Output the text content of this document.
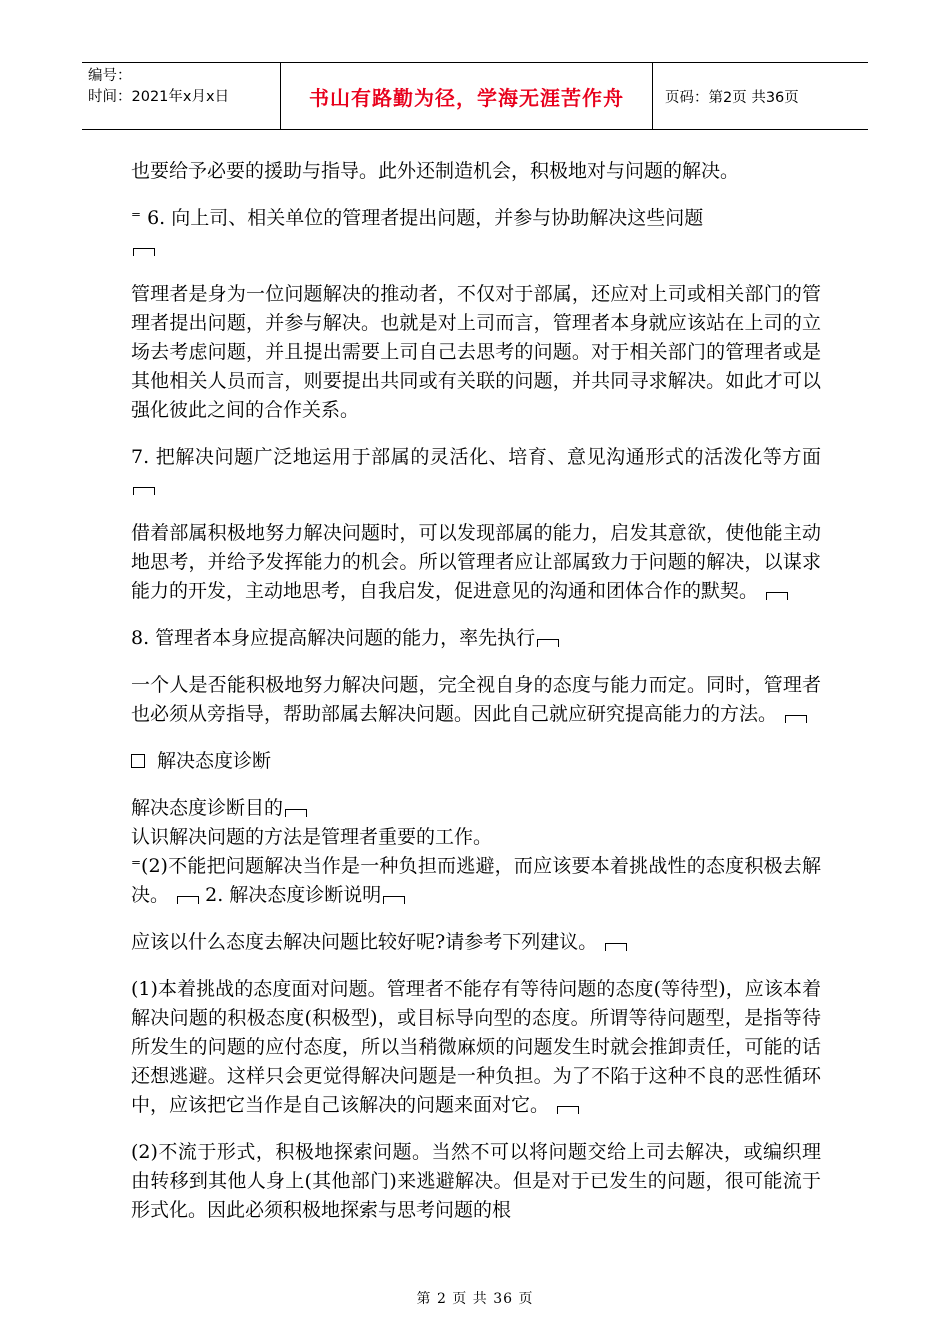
编号：
时间：2021年x月x日	书山有路勤为径，学海无涯苦作舟	页码：第2页 共36页

也要给予必要的援助与指导。此外还制造机会，积极地对与问题的解决。

⁼ 6. 向上司、相关单位的管理者提出问题，并参与协助解决这些问题

管理者是身为一位问题解决的推动者，不仅对于部属，还应对上司或相关部门的管理者提出问题，并参与解决。也就是对上司而言，管理者本身就应该站在上司的立场去考虑问题，并且提出需要上司自己去思考的问题。对于相关部门的管理者或是其他相关人员而言，则要提出共同或有关联的问题，并共同寻求解决。如此才可以强化彼此之间的合作关系。

7. 把解决问题广泛地运用于部属的灵活化、培育、意见沟通形式的活泼化等方面

借着部属积极地努力解决问题时，可以发现部属的能力，启发其意欲，使他能主动地思考，并给予发挥能力的机会。所以管理者应让部属致力于问题的解决，以谋求能力的开发，主动地思考，自我启发，促进意见的沟通和团体合作的默契。

8. 管理者本身应提高解决问题的能力，率先执行

一个人是否能积极地努力解决问题，完全视自身的态度与能力而定。同时，管理者也必须从旁指导，帮助部属去解决问题。因此自己就应研究提高能力的方法。

解决态度诊断

解决态度诊断目的

认识解决问题的方法是管理者重要的工作。

⁼(2)不能把问题解决当作是一种负担而逃避，而应该要本着挑战性的态度积极去解决。  2. 解决态度诊断说明

应该以什么态度去解决问题比较好呢?请参考下列建议。

(1)本着挑战的态度面对问题。管理者不能存有等待问题的态度(等待型)，应该本着解决问题的积极态度(积极型)，或目标导向型的态度。所谓等待问题型，是指等待所发生的问题的应付态度，所以当稍微麻烦的问题发生时就会推卸责任，可能的话还想逃避。这样只会更觉得解决问题是一种负担。为了不陷于这种不良的恶性循环中，应该把它当作是自己该解决的问题来面对它。

(2)不流于形式，积极地探索问题。当然不可以将问题交给上司去解决，或编织理由转移到其他人身上(其他部门)来逃避解决。但是对于已发生的问题，很可能流于形式化。因此必须积极地探索与思考问题的根

第 2 页 共 36 页
